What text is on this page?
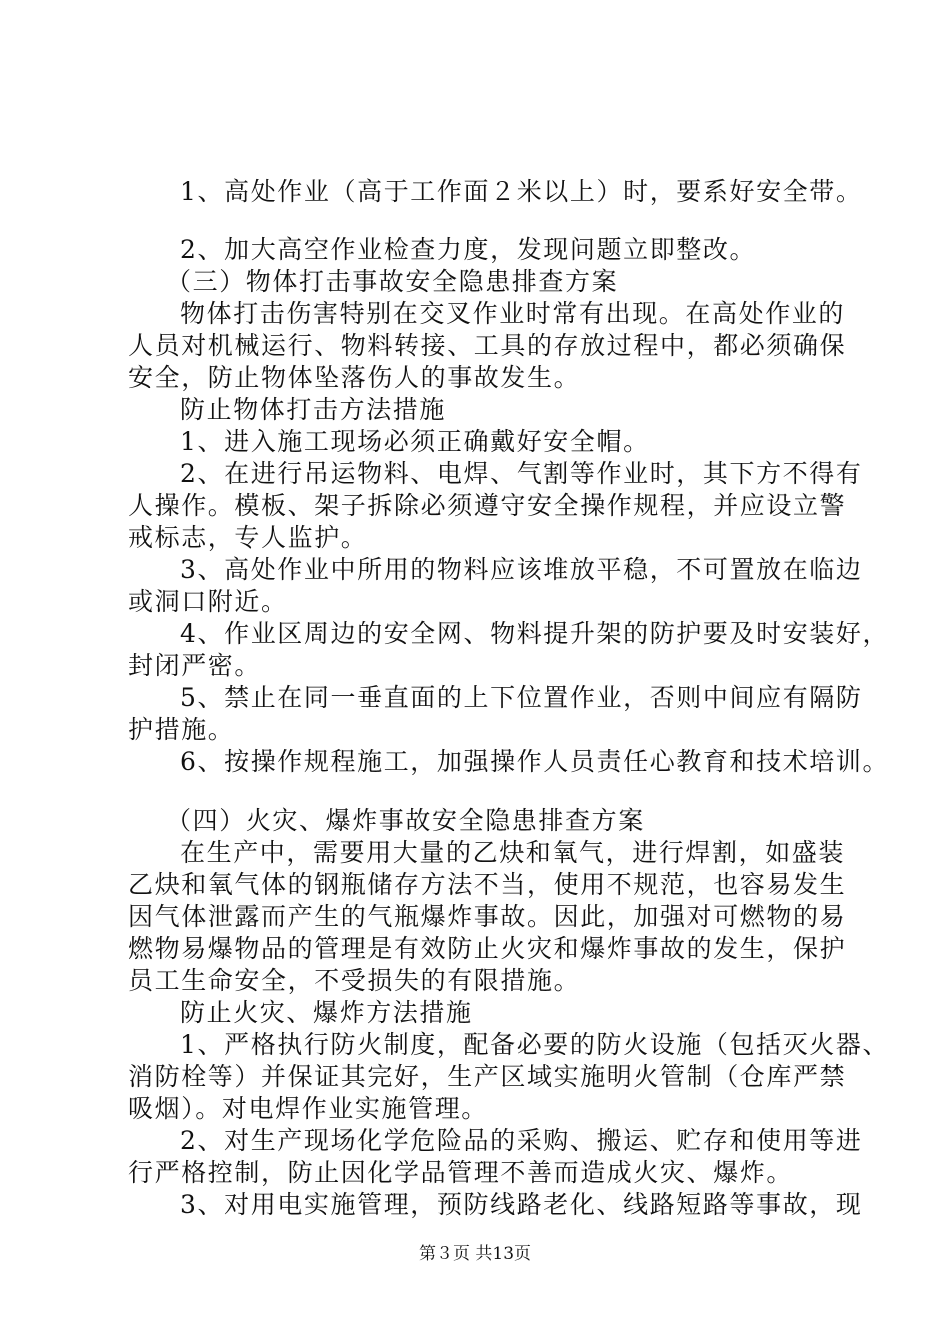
1、高处作业（高于工作面２米以上）时，要系好安全带。
2、加大高空作业检查力度，发现问题立即整改。
（三）物体打击事故安全隐患排查方案
物体打击伤害特别在交叉作业时常有出现。在高处作业的
人员对机械运行、物料转接、工具的存放过程中，都必须确保
安全，防止物体坠落伤人的事故发生。
防止物体打击方法措施
1、进入施工现场必须正确戴好安全帽。
2、在进行吊运物料、电焊、气割等作业时，其下方不得有
人操作。模板、架子拆除必须遵守安全操作规程，并应设立警
戒标志，专人监护。
3、高处作业中所用的物料应该堆放平稳，不可置放在临边
或洞口附近。
4、作业区周边的安全网、物料提升架的防护要及时安装好，
封闭严密。
5、禁止在同一垂直面的上下位置作业，否则中间应有隔防
护措施。
6、按操作规程施工，加强操作人员责任心教育和技术培训。
（四）火灾、爆炸事故安全隐患排查方案
在生产中，需要用大量的乙炔和氧气，进行焊割，如盛装
乙炔和氧气体的钢瓶储存方法不当，使用不规范，也容易发生
因气体泄露而产生的气瓶爆炸事故。因此，加强对可燃物的易
燃物易爆物品的管理是有效防止火灾和爆炸事故的发生，保护
员工生命安全，不受损失的有限措施。
防止火灾、爆炸方法措施
1、严格执行防火制度，配备必要的防火设施（包括灭火器、
消防栓等）并保证其完好，生产区域实施明火管制（仓库严禁
吸烟）。对电焊作业实施管理。
2、对生产现场化学危险品的采购、搬运、贮存和使用等进
行严格控制，防止因化学品管理不善而造成火灾、爆炸。
3、对用电实施管理，预防线路老化、线路短路等事故，现
第３页 共13页
